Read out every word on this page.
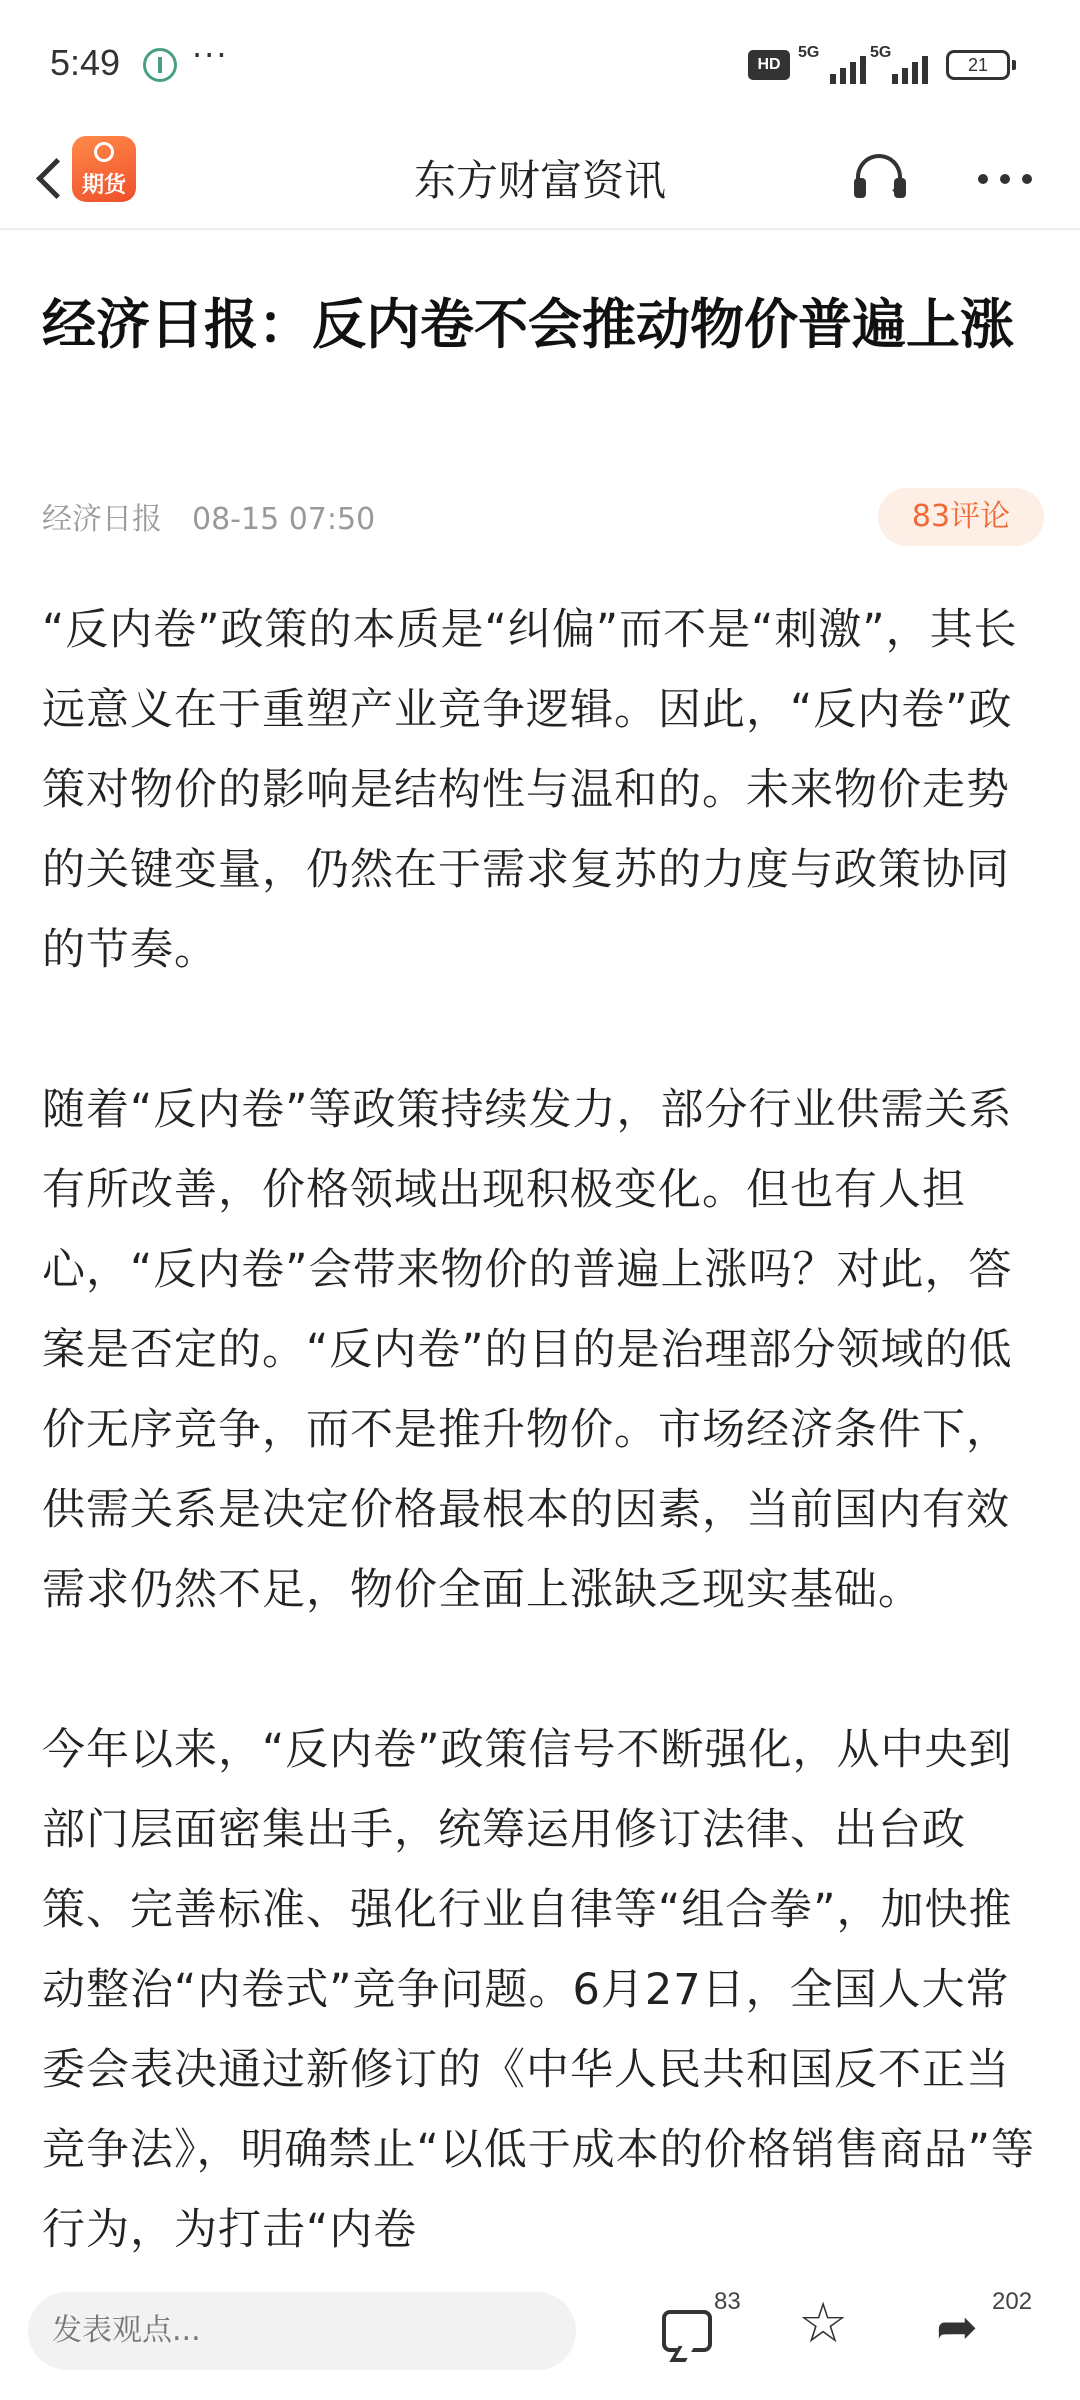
5:49 ···	HD
5G	5G
21
期货	东方财富资讯
经济日报：反内卷不会推动物价普遍上涨
经济日报 08-15 07:50	83评论

“反内卷”政策的本质是“纠偏”而不是“刺激”，其长远意义在于重塑产业竞争逻辑。因此，“反内卷”政策对物价的影响是结构性与温和的。未来物价走势的关键变量，仍然在于需求复苏的力度与政策协同的节奏。

随着“反内卷”等政策持续发力，部分行业供需关系有所改善，价格领域出现积极变化。但也有人担心，“反内卷”会带来物价的普遍上涨吗？对此，答案是否定的。“反内卷”的目的是治理部分领域的低价无序竞争，而不是推升物价。市场经济条件下，供需关系是决定价格最根本的因素，当前国内有效需求仍然不足，物价全面上涨缺乏现实基础。

今年以来，“反内卷”政策信号不断强化，从中央到部门层面密集出手，统筹运用修订法律、出台政策、完善标准、强化行业自律等“组合拳”，加快推动整治“内卷式”竞争问题。6月27日，全国人大常委会表决通过新修订的《中华人民共和国反不正当竞争法》，明确禁止“以低于成本的价格销售商品”等行为，为打击“内卷

发表观点...
83 ☆ ➦ 202
